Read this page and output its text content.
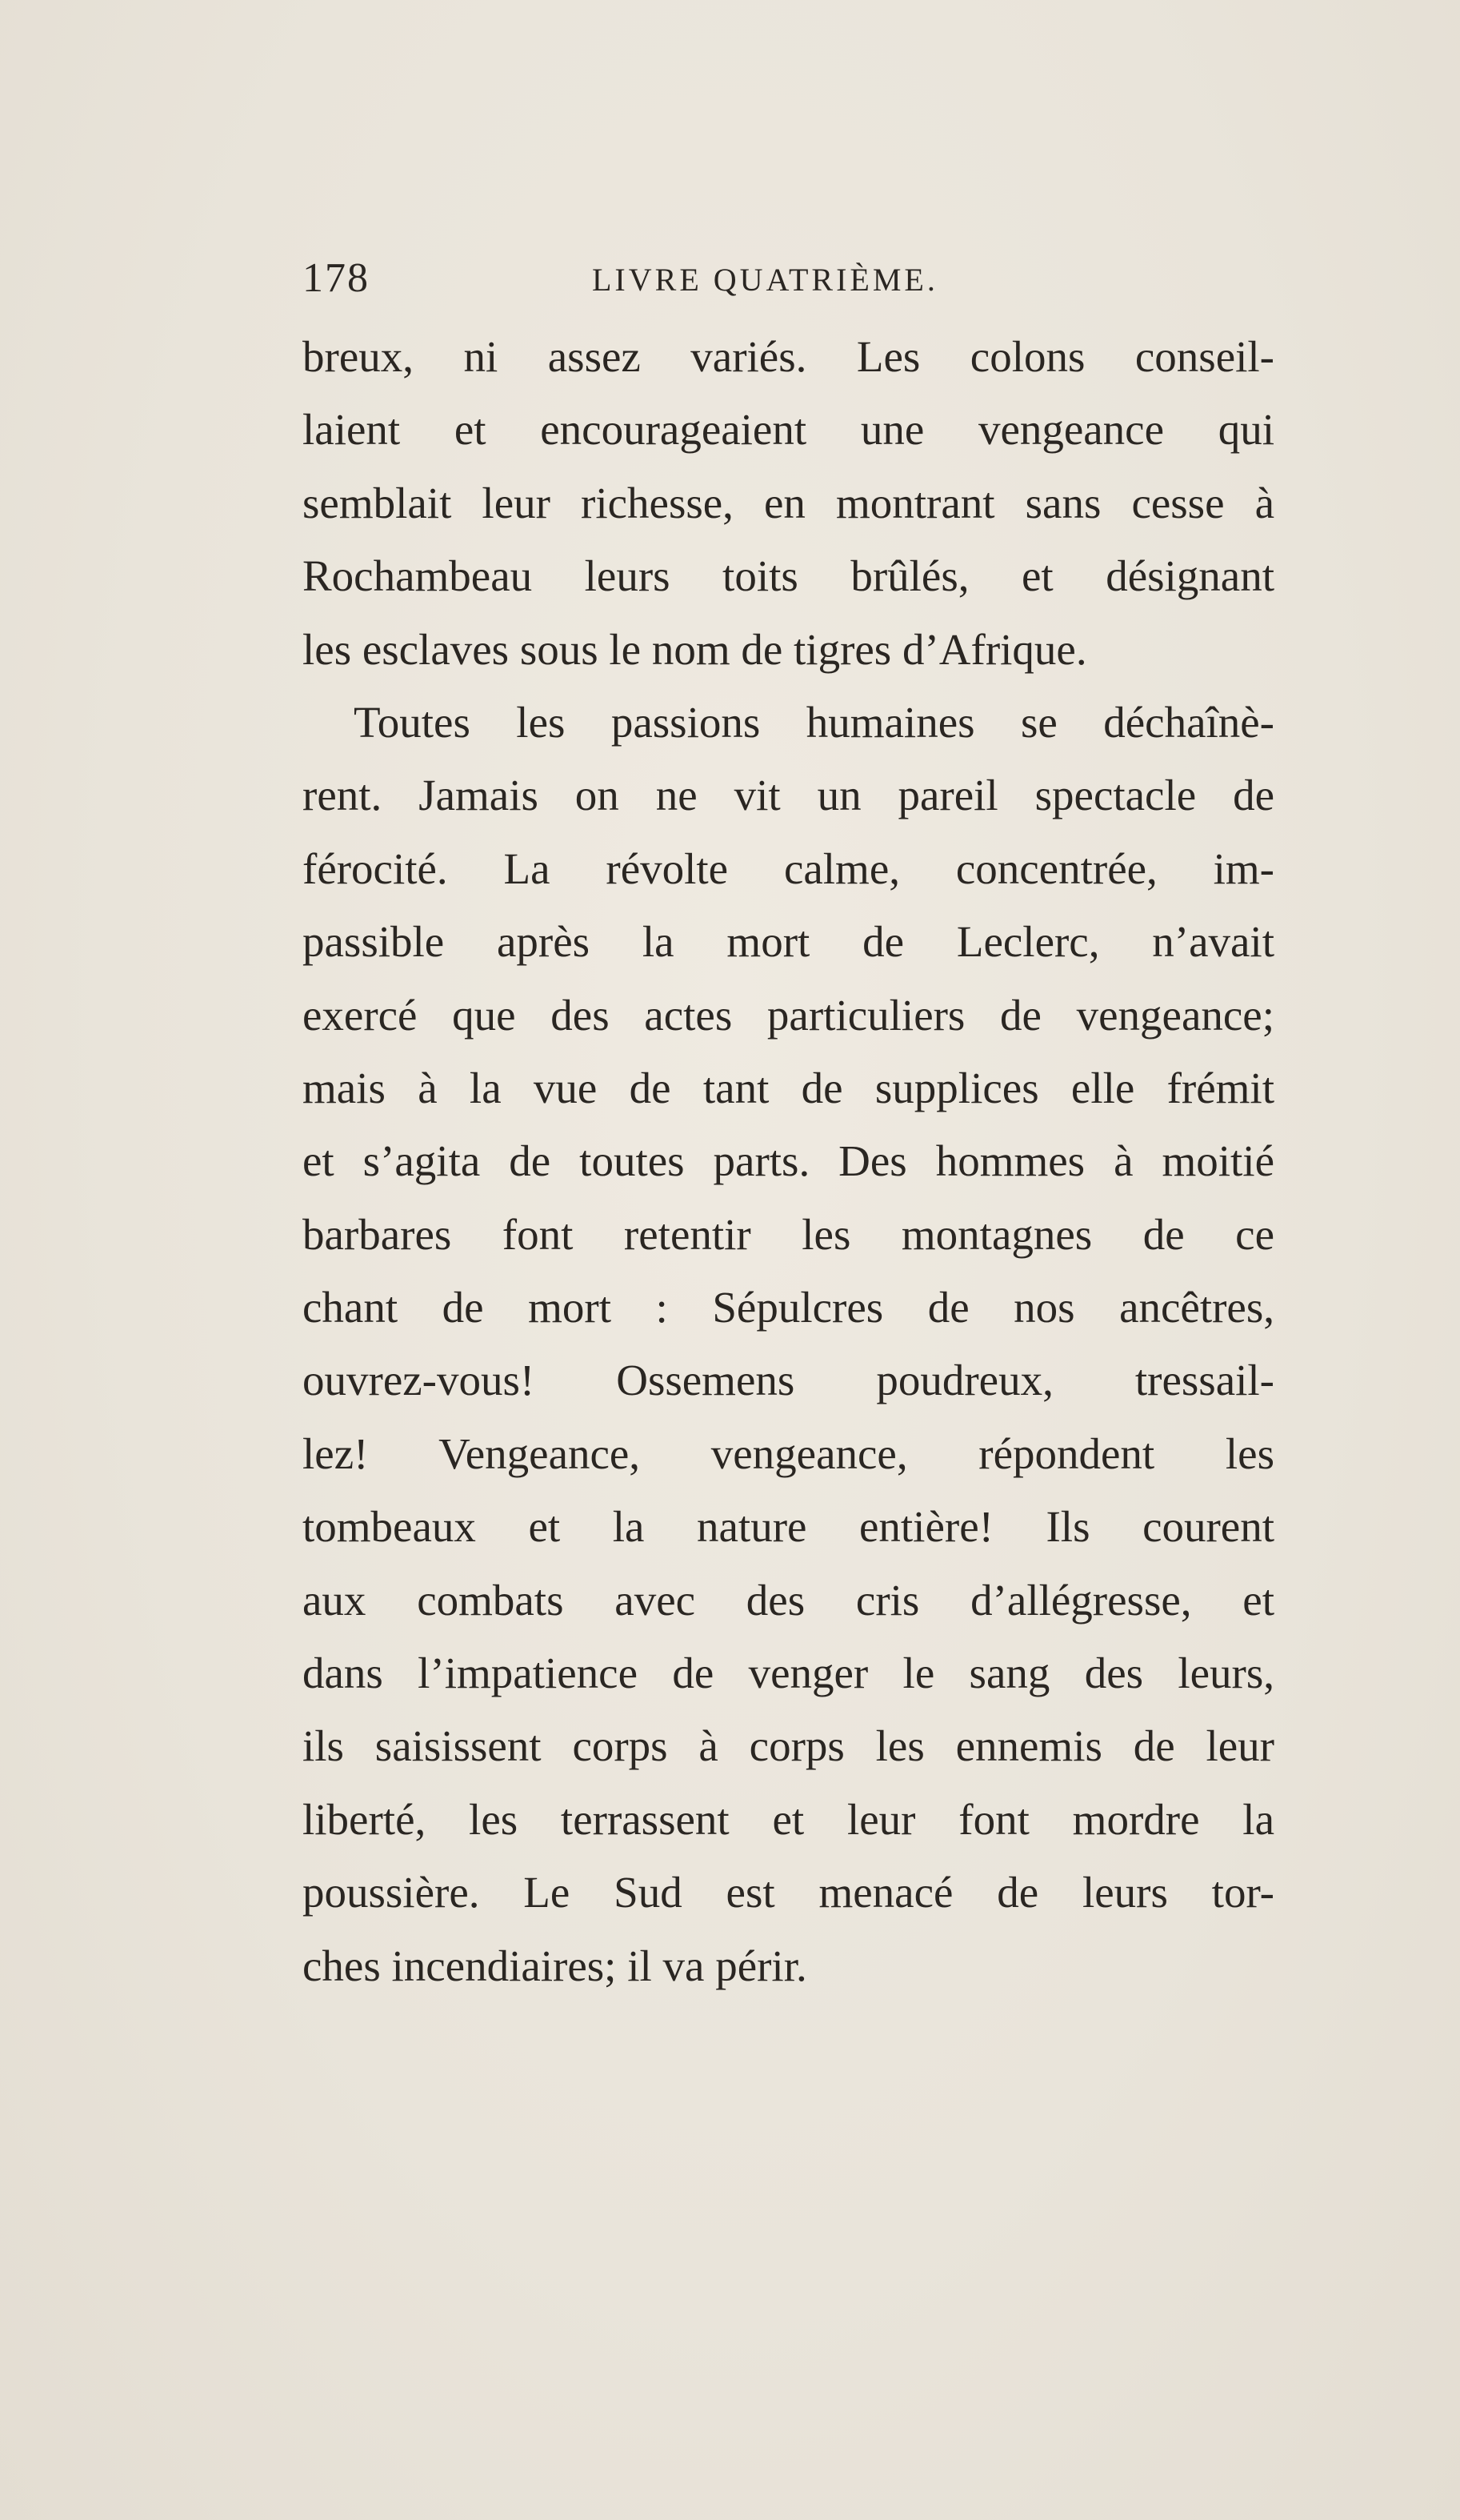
178	LIVRE QUATRIÈME.
breux, ni assez variés. Les colons conseil-
laient et encourageaient une vengeance qui
semblait leur richesse, en montrant sans cesse à
Rochambeau leurs toits brûlés, et désignant
les esclaves sous le nom de tigres d’Afrique.
Toutes les passions humaines se déchaînè-
rent. Jamais on ne vit un pareil spectacle de
férocité. La révolte calme, concentrée, im-
passible après la mort de Leclerc, n’avait
exercé que des actes particuliers de vengeance;
mais à la vue de tant de supplices elle frémit
et s’agita de toutes parts. Des hommes à moitié
barbares font retentir les montagnes de ce
chant de mort : Sépulcres de nos ancêtres,
ouvrez-vous! Ossemens poudreux, tressail-
lez! Vengeance, vengeance, répondent les
tombeaux et la nature entière! Ils courent
aux combats avec des cris d’allégresse, et
dans l’impatience de venger le sang des leurs,
ils saisissent corps à corps les ennemis de leur
liberté, les terrassent et leur font mordre la
poussière. Le Sud est menacé de leurs tor-
ches incendiaires; il va périr.
